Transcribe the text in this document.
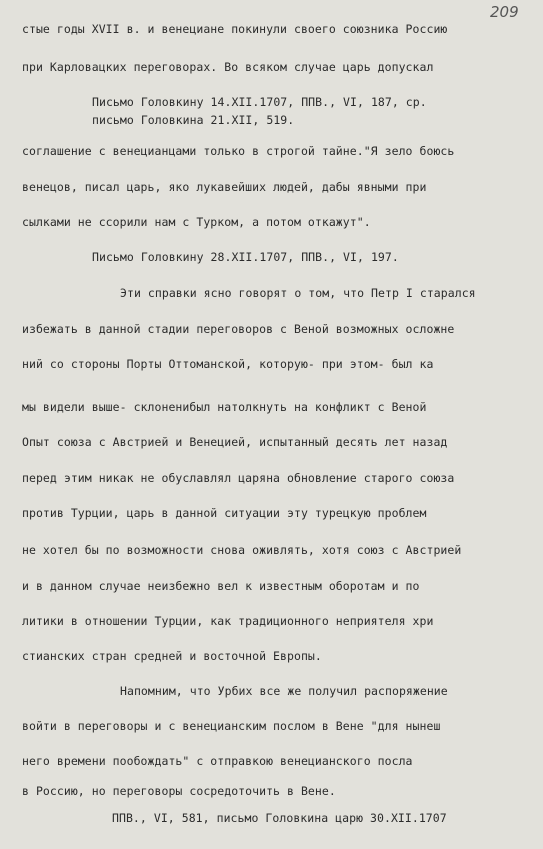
209
стые годы XVII в. и венециане покинули своего союзника Россию
при Карловацких переговорах. Во всяком случае царь допускал
Письмо Головкину 14.XII.1707, ППВ., VI, 187, ср.
письмо Головкина 21.XII, 519.
соглашение с венецианцами только в строгой тайне."Я зело боюсь
венецов, писал царь, яко лукавейших людей, дабы явными при
сылками не ссорили нам с Турком, а потом откажут".
Письмо Головкину 28.XII.1707, ППВ., VI, 197.
Эти справки ясно говорят о том, что Петр I старался
избежать в данной стадии переговоров с Веной возможных осложне
ний со стороны Порты Оттоманской, которую- при этом- был ка
мы видели выше- склоненибыл натолкнуть на конфликт с Веной
Опыт союза с Австрией и Венецией, испытанный десять лет назад
перед этим никак не обуславлял царяна обновление старого союза
против Турции, царь в данной ситуации эту турецкую проблем
не хотел бы по возможности снова оживлять, хотя союз с Австрией
и в данном случае неизбежно вел к известным оборотам и по
литики в отношении Турции, как традиционного неприятеля хри
стианских стран средней и восточной Европы.
Напомним, что Урбих все же получил распоряжение
войти в переговоры и с венецианским послом в Вене "для нынеш
него времени пообождать" с отправкою венецианского посла
в Россию, но переговоры сосредоточить в Вене.
ППВ., VI, 581, письмо Головкина царю 30.XII.1707
